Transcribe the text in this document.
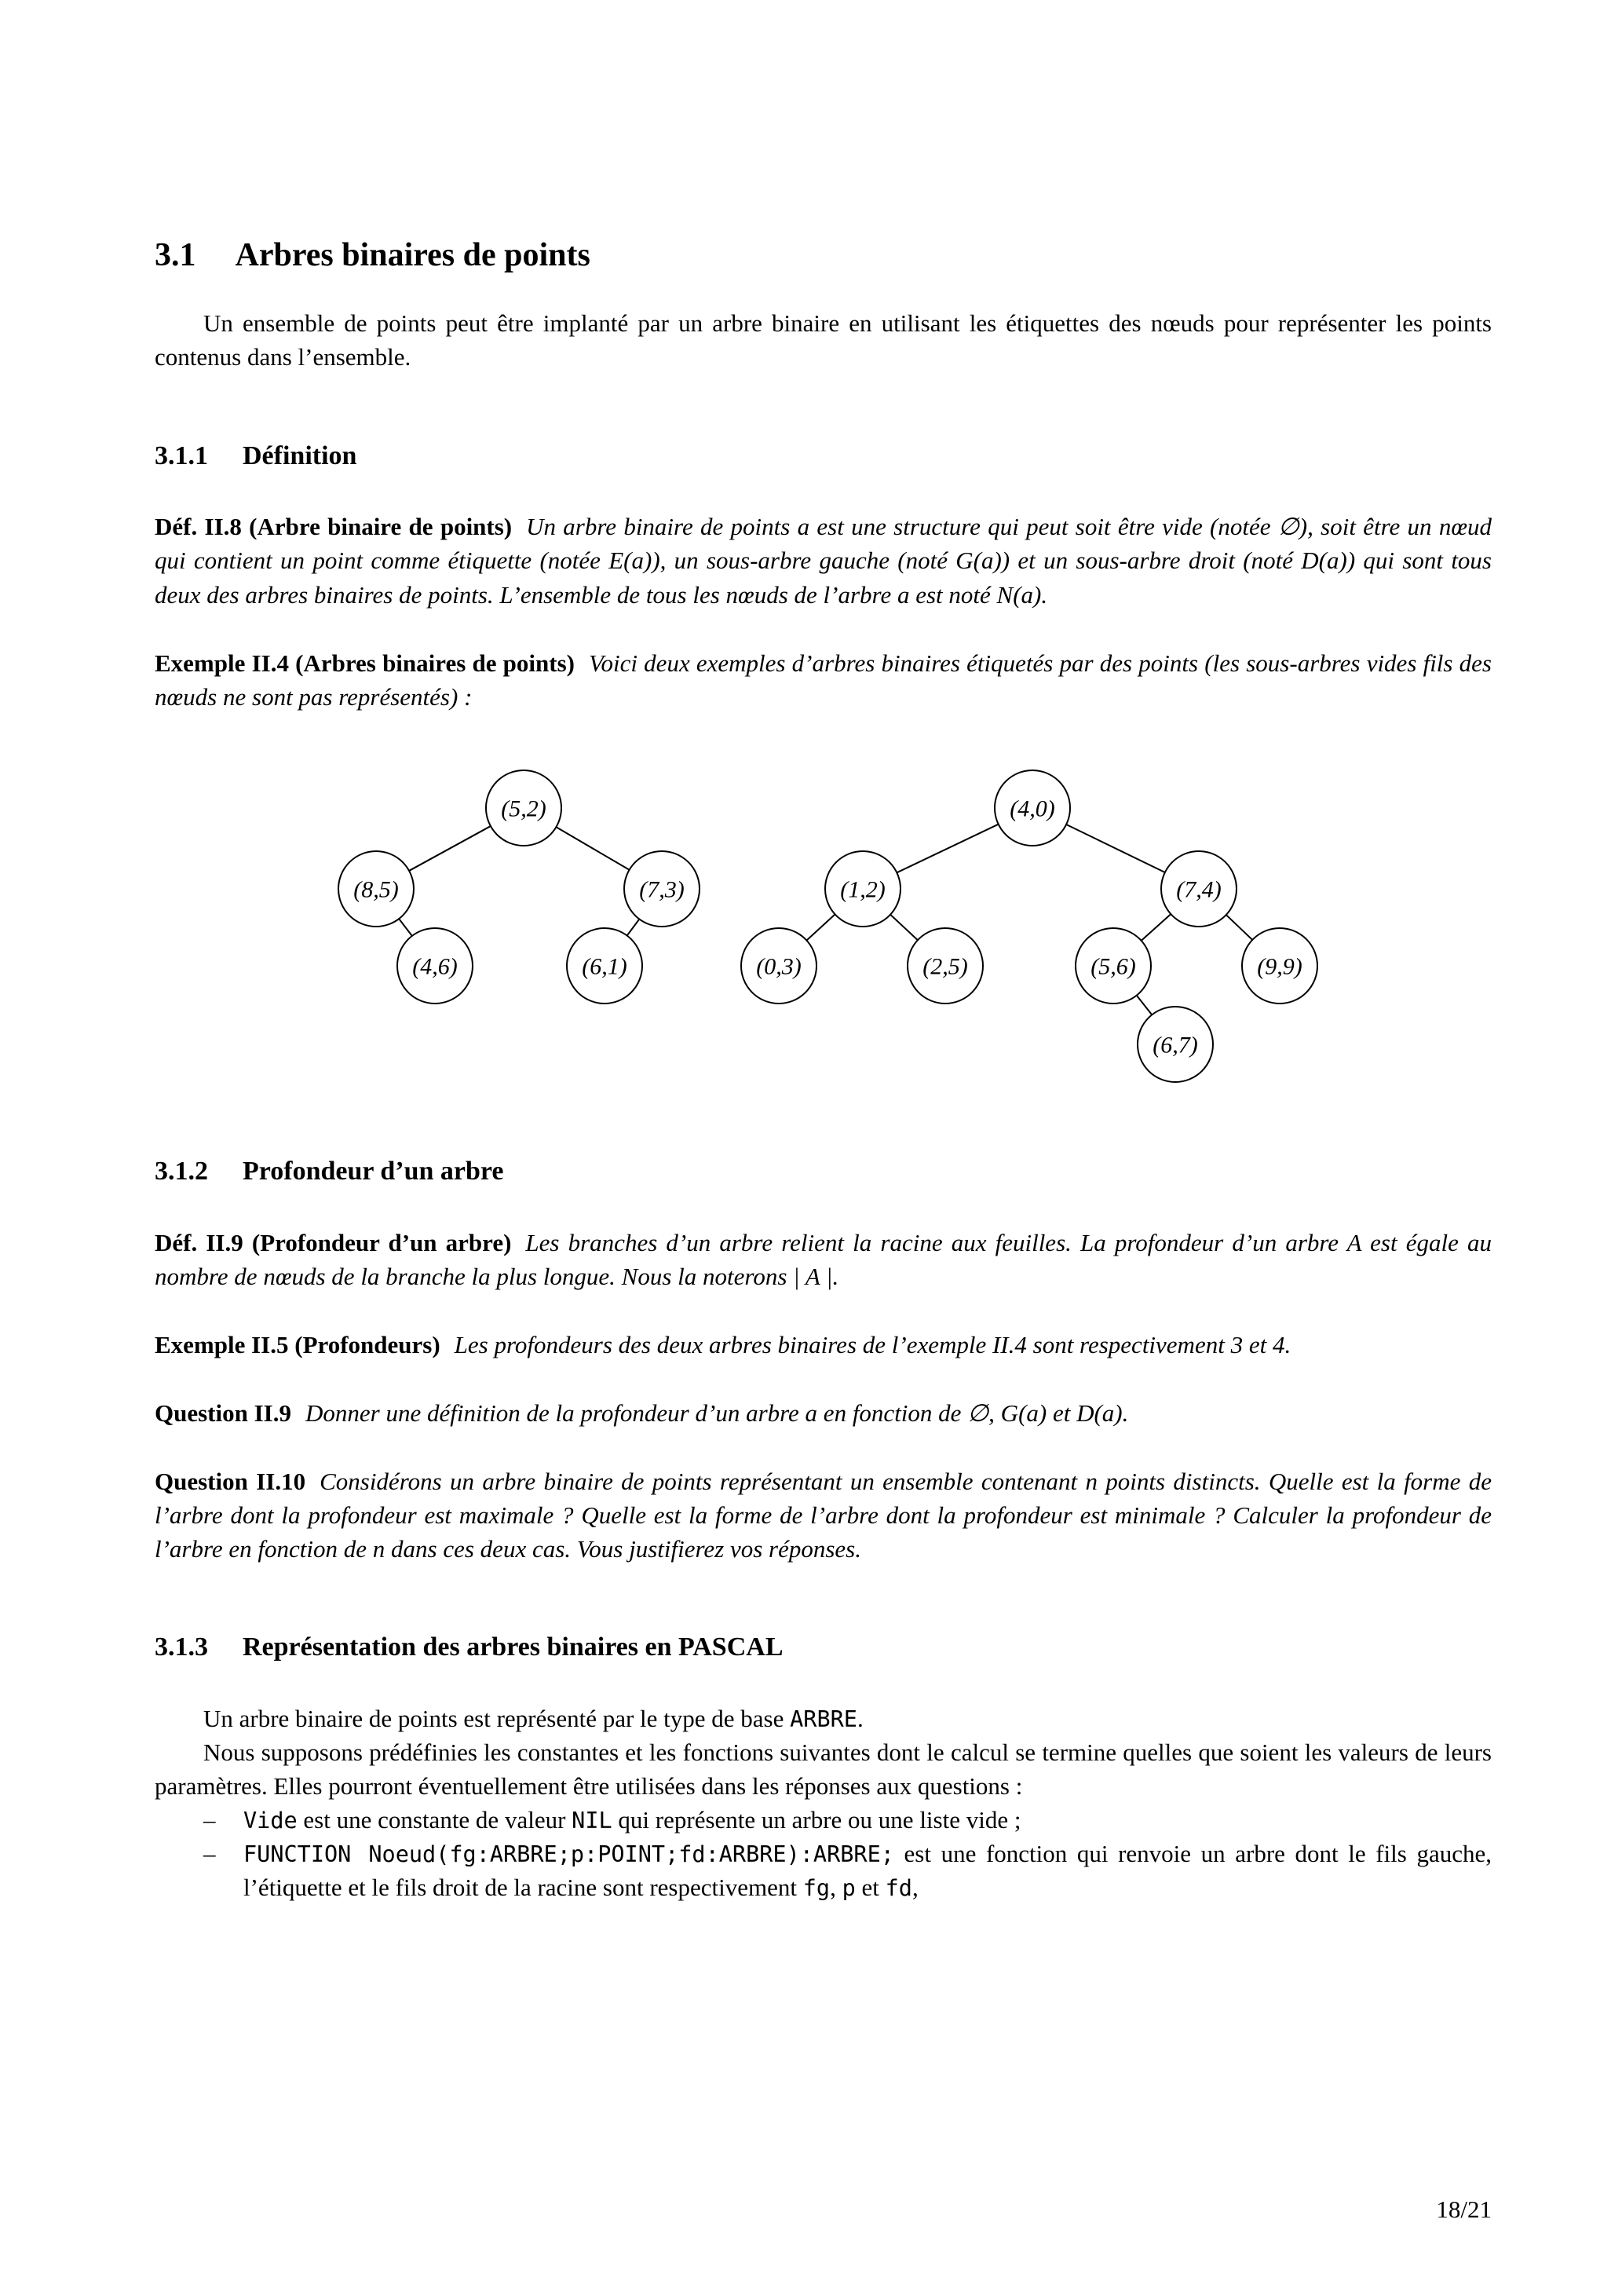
3.1 Arbres binaires de points

Un ensemble de points peut être implanté par un arbre binaire en utilisant les étiquettes des nœuds pour représenter les points contenus dans l’ensemble.

3.1.1 Définition

Déf. II.8 (Arbre binaire de points) Un arbre binaire de points a est une structure qui peut soit être vide (notée ∅), soit être un nœud qui contient un point comme étiquette (notée E(a)), un sous-arbre gauche (noté G(a)) et un sous-arbre droit (noté D(a)) qui sont tous deux des arbres binaires de points. L’ensemble de tous les nœuds de l’arbre a est noté N(a).

Exemple II.4 (Arbres binaires de points) Voici deux exemples d’arbres binaires étiquetés par des points (les sous-arbres vides fils des nœuds ne sont pas représentés) :

(5,2)
(8,5)	(7,3)
(4,6)	(6,1)
(4,0)
(1,2)	(7,4)
(0,3)	(2,5)	(5,6)	(9,9)
(6,7)
3.1.2 Profondeur d’un arbre

Déf. II.9 (Profondeur d’un arbre) Les branches d’un arbre relient la racine aux feuilles. La profondeur d’un arbre A est égale au nombre de nœuds de la branche la plus longue. Nous la noterons | A |.

Exemple II.5 (Profondeurs) Les profondeurs des deux arbres binaires de l’exemple II.4 sont respectivement 3 et 4.

Question II.9 Donner une définition de la profondeur d’un arbre a en fonction de ∅, G(a) et D(a).

Question II.10 Considérons un arbre binaire de points représentant un ensemble contenant n points distincts. Quelle est la forme de l’arbre dont la profondeur est maximale ? Quelle est la forme de l’arbre dont la profondeur est minimale ? Calculer la profondeur de l’arbre en fonction de n dans ces deux cas. Vous justifierez vos réponses.

3.1.3 Représentation des arbres binaires en PASCAL

Un arbre binaire de points est représenté par le type de base ARBRE.

Nous supposons prédéfinies les constantes et les fonctions suivantes dont le calcul se termine quelles que soient les valeurs de leurs paramètres. Elles pourront éventuellement être utilisées dans les réponses aux questions :

– Vide est une constante de valeur NIL qui représente un arbre ou une liste vide ;
– FUNCTION Noeud(fg:ARBRE;p:POINT;fd:ARBRE):ARBRE; est une fonction qui renvoie un arbre dont le fils gauche, l’étiquette et le fils droit de la racine sont respectivement fg, p et fd,
18/21
